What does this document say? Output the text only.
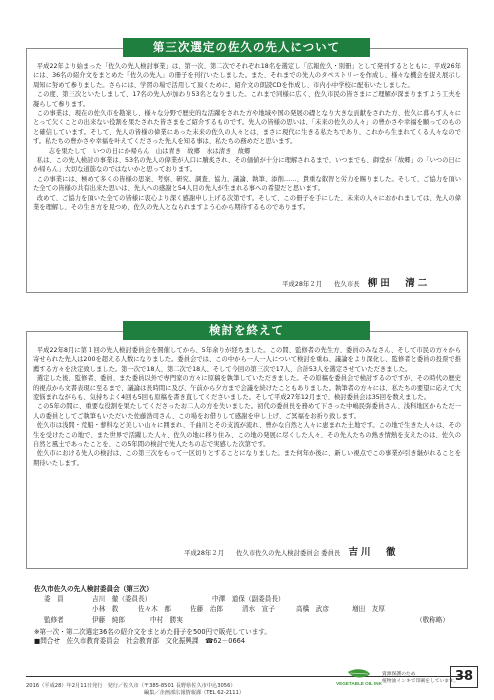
第三次選定の佐久の先人について

平成22年より始まった「佐久の先人検討事業」は、第一次、第二次でそれぞれ18名を選定し「広報佐久・別冊」として発刊するとともに、平成26年には、36名の紹介文をまとめた「佐久の先人」の冊子を刊行いたしました。また、それまでの先人のタペストリーを作成し、様々な機会を捉え展示し周知に努めて参りました。さらには、学習の場で活用して頂くために、紹介文の朗読CDを作成し、市内小中学校に配布いたしました。

この度、第三次といたしまして、17名の先人が加わり53名となりました。これまで同様に広く、佐久市民の皆さまにご理解が深まりますよう工夫を凝らして参ります。

この事業は、現在の佐久市を勘案し、様々な分野で歴史的な活躍をされた方や地域や国の発展の礎となり大きな貢献をされた方、佐久に暮らす人々にとって欠くことの出来ない役割を果たされた皆さまをご紹介するものです。先人の皆様の思いは、「未来の佐久の人々」の豊かさや幸福を願ってのものと確信しています。そして、先人の皆様の偉業にあった未来の佐久の人々とは、まさに現代に生きる私たちであり、これから生まれてくる人々なのです。私たちの豊かさや幸福を叶えてくださった先人を知る事は、私たちの務めだと思います。

志を果たして　いつの日にか帰らん　山は青き　故郷　水は清き　故郷

私は、この先人検討の事業は、53名の先人の偉業が人口に膾炙され、その価値が十分に理解されるまで、いつまでも、御堂が「故郷」の「いつの日にか帰らん」大切な道筋なのではないかと思っております。

この事業には、極めて多くの皆様の思案、考察、研究、調査、協力、議論、執筆、添削……、貴重な叡智と労力を賜りました。そして、ご協力を頂いた全ての皆様の共有出来た思いは、先人への感謝と54人目の先人が生まれる事への希望だと思います。

改めて、ご協力を頂いた全ての皆様に衷心より深く感謝申し上げる次第です。そして、この冊子を手にした、未来の人々におかれましては、先人の偉業を理解し、その生き方を見つめ、佐久の先人となられますよう心から期待するものであります。

平成28年２月 佐久市長 柳田　清二
検討を終えて

平成22年8月に第１回の先人検討委員会を開催してから、5年余りが経ちました。この間、監修者の先生方、委員のみなさん、そして市民の方々から寄せられた先人は200を超える人数になりました。委員会では、この中から一人一人について検討を重ね、議論をより深化し、監修者と委員の投票で推薦する方々を決定致しました。第一次で18人、第二次で18人、そして今回の第三次で17人、合計53人を選定させていただきました。

選定した後、監修者、委員、また委員以外で専門家の方々に原稿を執筆していただきました。その原稿を委員会で検討するのですが、その時代の歴史的視点から文書表現に至るまで、議論は長時間に及び、午前から夕方まで会議を続けたこともありました。執筆者の方々には、私たちの要望に応えて大変悩まれながらも、気持ちよく4回も5回も原稿を書き直してくださいました。そして平成27年12月まで、検討委員会は35回を数えました。

この5年の間に、重要な役割を果たしてくださったお二人の方を失いました。初代の委員長を務めて下さった中嶋民弥委員さん、浅科地区からただ一人の委員としてご執筆もいただいた佐藤浩司さん、この場をお借りして感謝を申し上げ、ご冥福をお祈り致します。

佐久市は浅間・荒船・蓼科など美しい山々に囲まれ、千曲川とその支流が流れ、豊かな自然と人々に恵まれた土地です。この地で生きた人々は、その生を受けたこの地で、また世界で活躍した人々、佐久の地に移り住み、この地の発展に尽くした人々、その先人たちの熱き情熱を支えたのは、佐久の自然と風土であったことを、この5年間の検討で先人たちの志で実感した次第です。

佐久市における先人の検討は、この第三次をもって一区切りとすることになりました。また何年か後に、新しい視点でこの事業が引き継がれることを期待いたします。

平成28年２月 佐久市佐久の先人検討委員会 委員長 吉川　徹
佐久市佐久の先人検討委員会（第三次）
委　員	吉川　徹（委員長）	中澤　道保（副委員長）
小林　救	佐々木　都	佐藤　治郎	清水　宣子	高橋　武彦	増田　友厚
監修者	伊藤　純郎	中村　勝実	（敬称略）
※第一次・第二次選定36名の紹介文をまとめた冊子を500円で販売しています。
■問合せ　佐久市教育委員会　社会教育部　文化振興課　☎62－0664
2016（平成28）年2月11日発行　発行／佐久市（〒385-8501 長野県佐久市中込3056）
編集／企画部広報情報課（TEL 62-2111）
VEGETABLE OIL INK
資源保護のため
植物油インキで印刷をしています。
38
